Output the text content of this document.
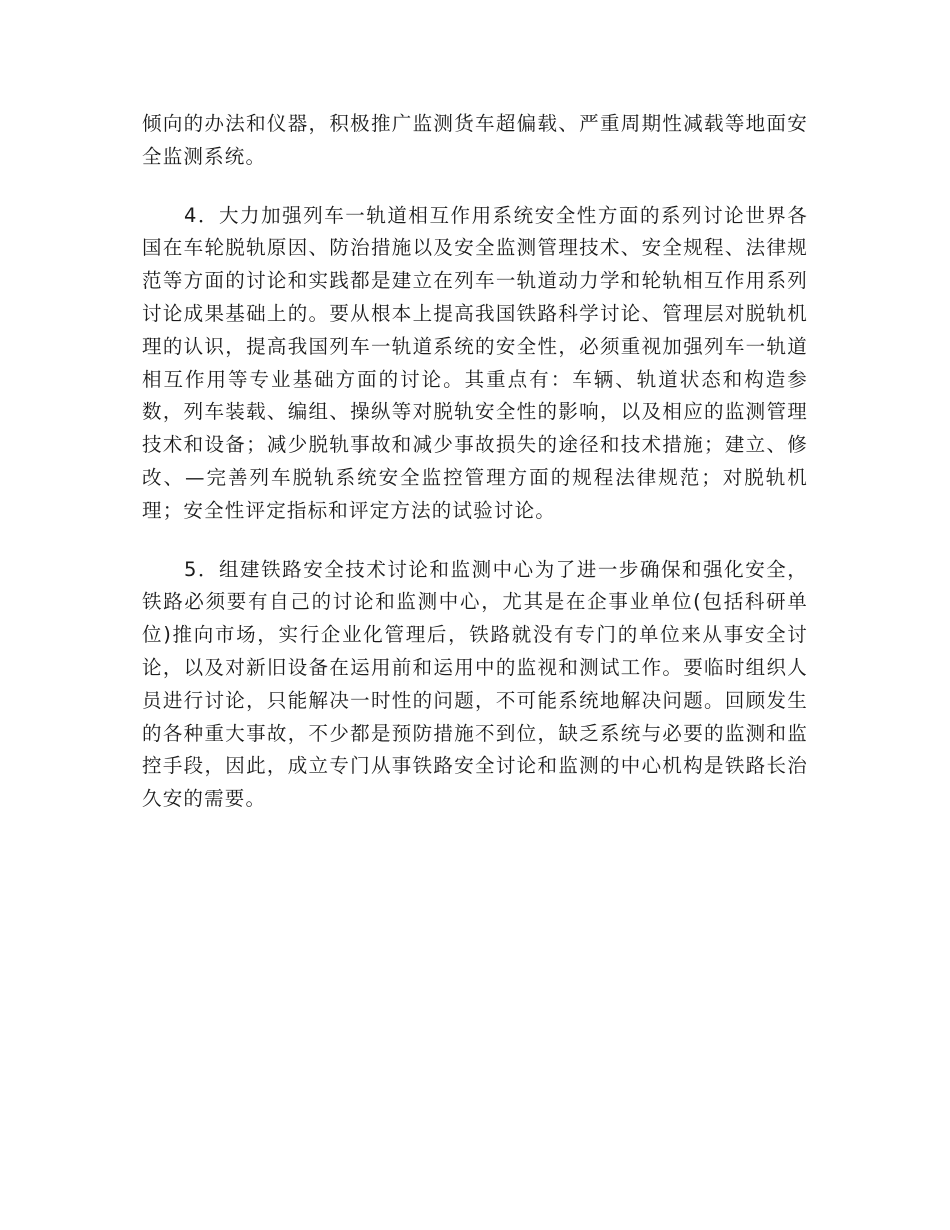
倾向的办法和仪器，积极推广监测货车超偏载、严重周期性减载等地面安全监测系统。

4．大力加强列车一轨道相互作用系统安全性方面的系列讨论世界各国在车轮脱轨原因、防治措施以及安全监测管理技术、安全规程、法律规范等方面的讨论和实践都是建立在列车一轨道动力学和轮轨相互作用系列讨论成果基础上的。要从根本上提高我国铁路科学讨论、管理层对脱轨机理的认识，提高我国列车一轨道系统的安全性，必须重视加强列车一轨道相互作用等专业基础方面的讨论。其重点有：车辆、轨道状态和构造参数，列车装载、编组、操纵等对脱轨安全性的影响，以及相应的监测管理技术和设备；减少脱轨事故和减少事故损失的途径和技术措施；建立、修改、—完善列车脱轨系统安全监控管理方面的规程法律规范；对脱轨机理；安全性评定指标和评定方法的试验讨论。

5．组建铁路安全技术讨论和监测中心为了进一步确保和强化安全，铁路必须要有自己的讨论和监测中心，尤其是在企事业单位(包括科研单位)推向市场，实行企业化管理后，铁路就没有专门的单位来从事安全讨论，以及对新旧设备在运用前和运用中的监视和测试工作。要临时组织人员进行讨论，只能解决一时性的问题，不可能系统地解决问题。回顾发生的各种重大事故，不少都是预防措施不到位，缺乏系统与必要的监测和监控手段，因此，成立专门从事铁路安全讨论和监测的中心机构是铁路长治久安的需要。
